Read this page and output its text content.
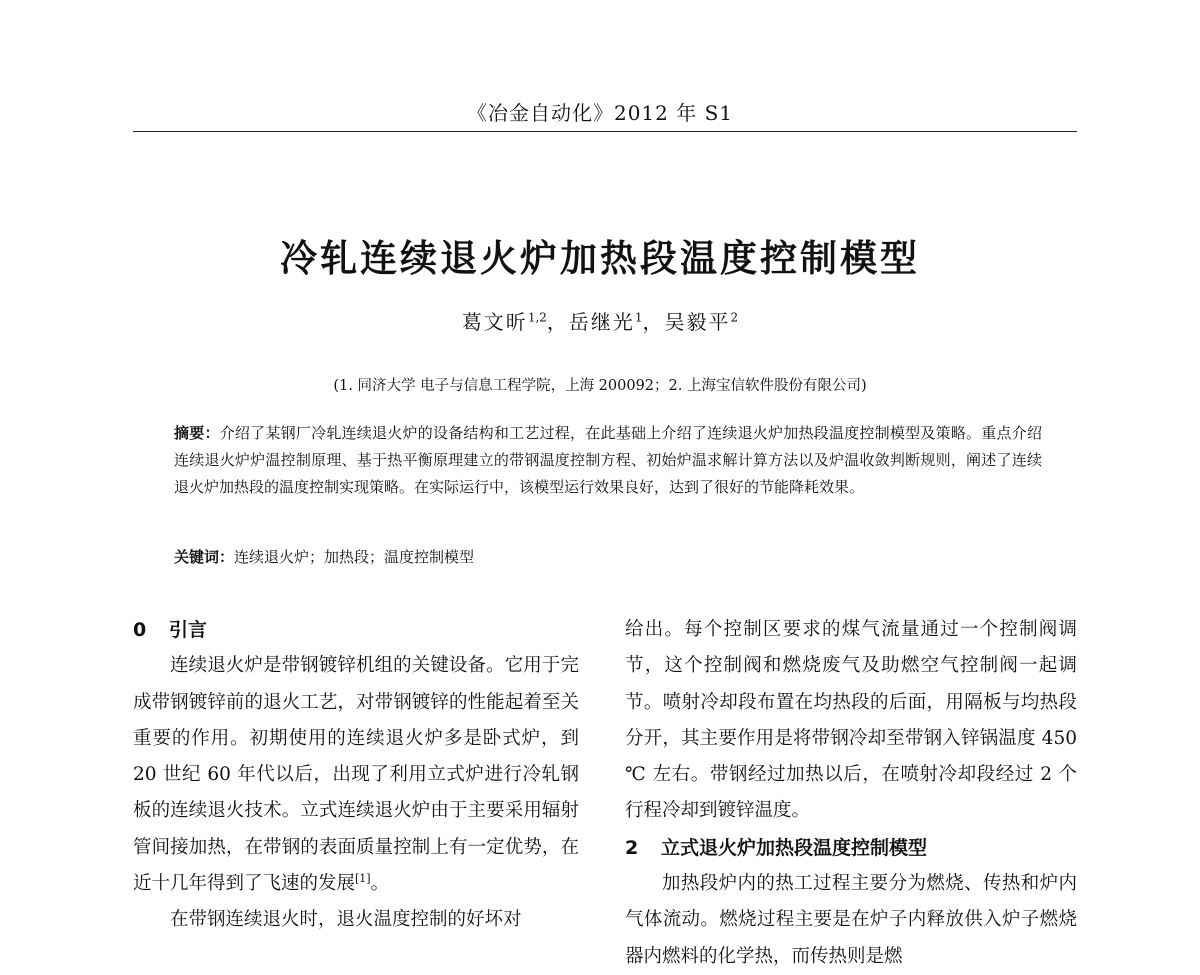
《冶金自动化》2012 年 S1
冷轧连续退火炉加热段温度控制模型
葛文昕$^{1,2}$，岳继光$^1$，吴毅平$^2$
(1. 同济大学 电子与信息工程学院，上海 200092；2. 上海宝信软件股份有限公司)
摘要：介绍了某钢厂冷轧连续退火炉的设备结构和工艺过程，在此基础上介绍了连续退火炉加热段温度控制模型及策略。重点介绍连续退火炉炉温控制原理、基于热平衡原理建立的带钢温度控制方程、初始炉温求解计算方法以及炉温收敛判断规则，阐述了连续退火炉加热段的温度控制实现策略。在实际运行中，该模型运行效果良好，达到了很好的节能降耗效果。
关键词：连续退火炉；加热段；温度控制模型
0 引言

连续退火炉是带钢镀锌机组的关键设备。它用于完成带钢镀锌前的退火工艺，对带钢镀锌的性能起着至关重要的作用。初期使用的连续退火炉多是卧式炉，到 20 世纪 60 年代以后，出现了利用立式炉进行冷轧钢板的连续退火技术。立式连续退火炉由于主要采用辐射管间接加热，在带钢的表面质量控制上有一定优势，在近十几年得到了飞速的发展[1]。

在带钢连续退火时，退火温度控制的好坏对

给出。每个控制区要求的煤气流量通过一个控制阀调节，这个控制阀和燃烧废气及助燃空气控制阀一起调节。喷射冷却段布置在均热段的后面，用隔板与均热段分开，其主要作用是将带钢冷却至带钢入锌锅温度 450 ℃ 左右。带钢经过加热以后，在喷射冷却段经过 2 个行程冷却到镀锌温度。

2 立式退火炉加热段温度控制模型

加热段炉内的热工过程主要分为燃烧、传热和炉内气体流动。燃烧过程主要是在炉子内释放供入炉子燃烧器内燃料的化学热，而传热则是燃
